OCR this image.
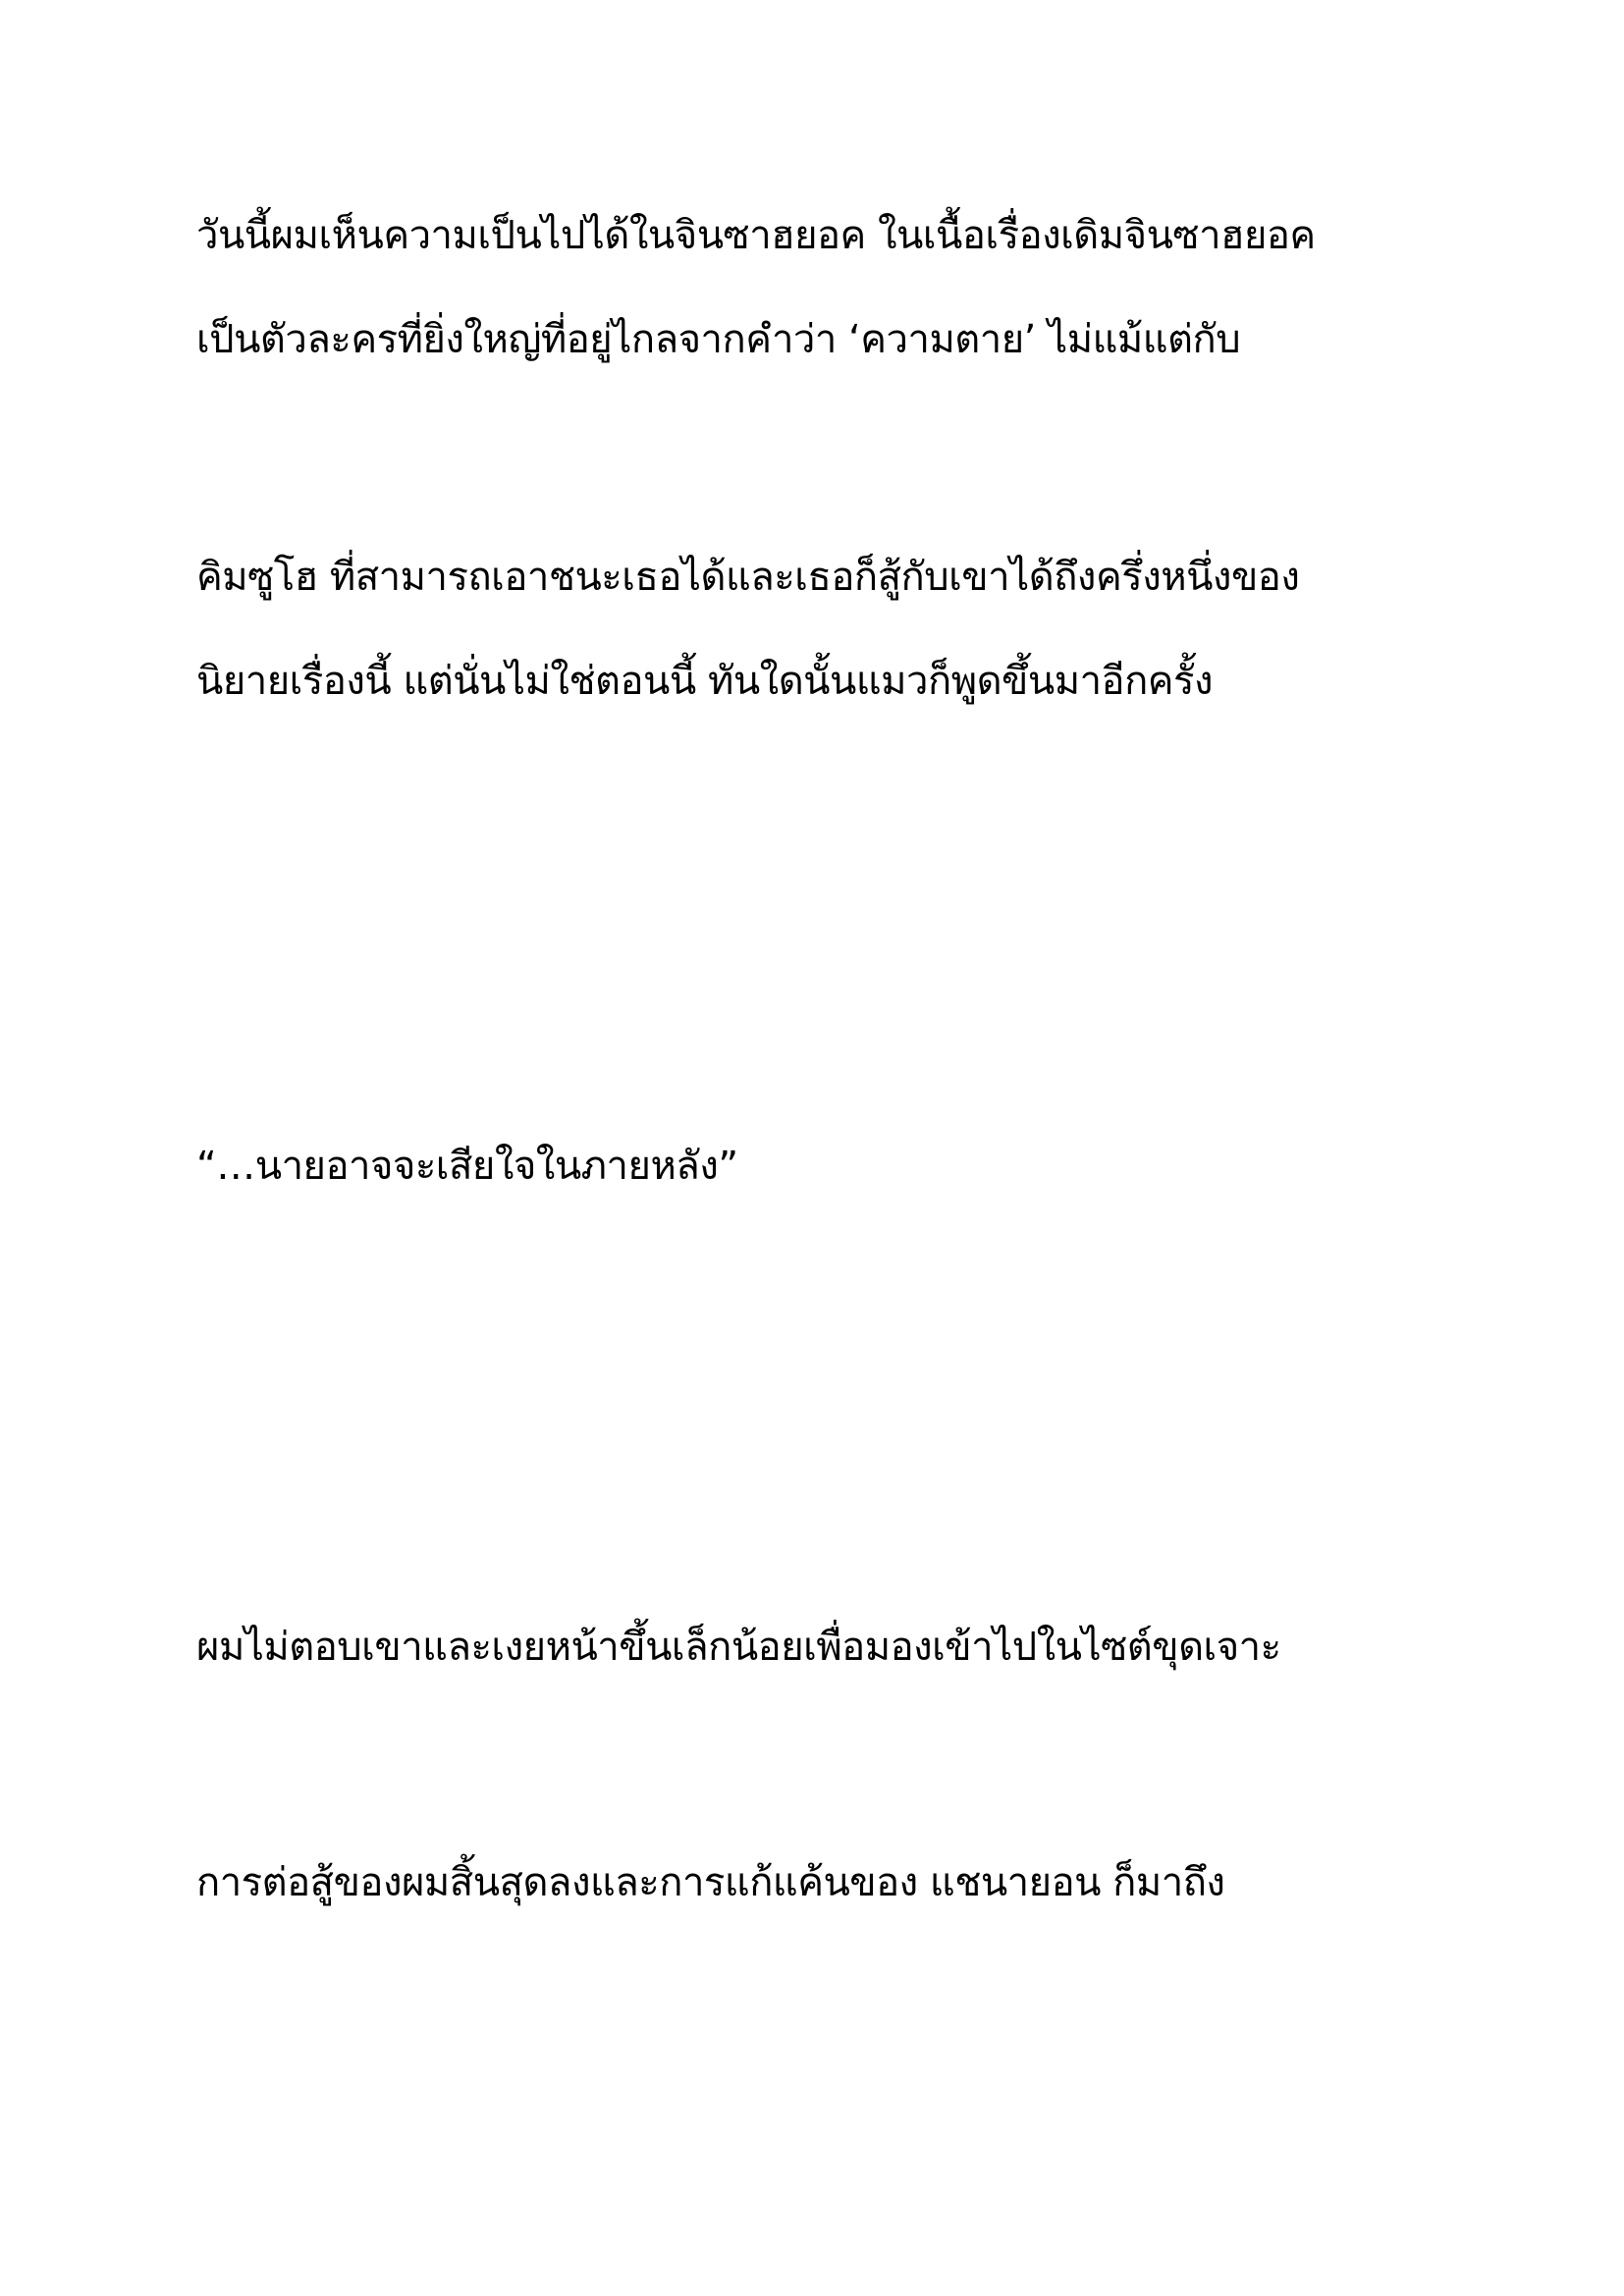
วันนี้ผมเห็นความเป็นไปได้ในจินซาฮยอค ในเนื้อเรื่องเดิมจินซาฮยอค
เป็นตัวละครที่ยิ่งใหญ่ที่อยู่ไกลจากคำว่า ‘ความตาย’ ไม่แม้แต่กับ
คิมซูโฮ ที่สามารถเอาชนะเธอได้และเธอก็สู้กับเขาได้ถึงครึ่งหนึ่งของ
นิยายเรื่องนี้ แต่นั่นไม่ใช่ตอนนี้ ทันใดนั้นแมวก็พูดขึ้นมาอีกครั้ง
“…นายอาจจะเสียใจในภายหลัง”
ผมไม่ตอบเขาและเงยหน้าขึ้นเล็กน้อยเพื่อมองเข้าไปในไซต์ขุดเจาะ
การต่อสู้ของผมสิ้นสุดลงและการแก้แค้นของ แชนายอน ก็มาถึง
